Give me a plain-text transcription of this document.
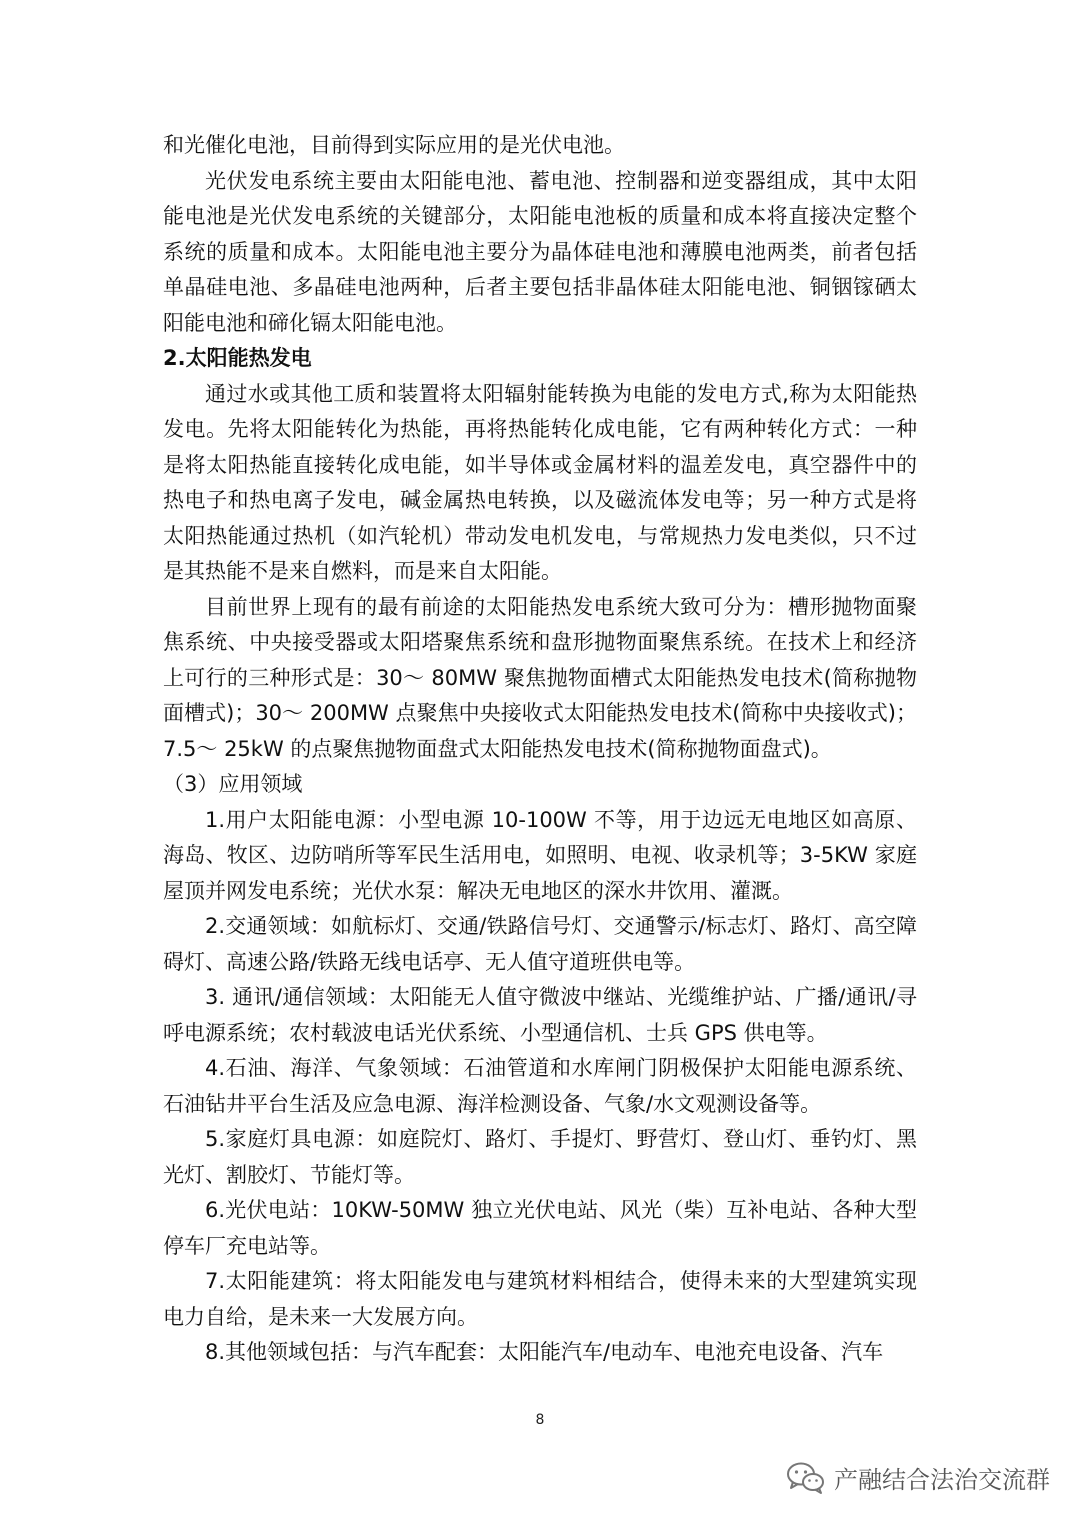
和光催化电池，目前得到实际应用的是光伏电池。

光伏发电系统主要由太阳能电池、蓄电池、控制器和逆变器组成，其中太阳能电池是光伏发电系统的关键部分，太阳能电池板的质量和成本将直接决定整个系统的质量和成本。太阳能电池主要分为晶体硅电池和薄膜电池两类，前者包括单晶硅电池、多晶硅电池两种，后者主要包括非晶体硅太阳能电池、铜铟镓硒太阳能电池和碲化镉太阳能电池。

2.太阳能热发电

通过水或其他工质和装置将太阳辐射能转换为电能的发电方式,称为太阳能热发电。先将太阳能转化为热能，再将热能转化成电能，它有两种转化方式：一种是将太阳热能直接转化成电能，如半导体或金属材料的温差发电，真空器件中的热电子和热电离子发电，碱金属热电转换，以及磁流体发电等；另一种方式是将太阳热能通过热机（如汽轮机）带动发电机发电，与常规热力发电类似，只不过是其热能不是来自燃料，而是来自太阳能。

目前世界上现有的最有前途的太阳能热发电系统大致可分为：槽形抛物面聚焦系统、中央接受器或太阳塔聚焦系统和盘形抛物面聚焦系统。在技术上和经济上可行的三种形式是：30～ 80MW 聚焦抛物面槽式太阳能热发电技术(简称抛物面槽式)；30～ 200MW 点聚焦中央接收式太阳能热发电技术(简称中央接收式)；7.5～ 25kW 的点聚焦抛物面盘式太阳能热发电技术(简称抛物面盘式)。

（3）应用领域

1.用户太阳能电源：小型电源 10-100W 不等，用于边远无电地区如高原、海岛、牧区、边防哨所等军民生活用电，如照明、电视、收录机等；3-5KW 家庭屋顶并网发电系统；光伏水泵：解决无电地区的深水井饮用、灌溉。

2.交通领域：如航标灯、交通/铁路信号灯、交通警示/标志灯、路灯、高空障碍灯、高速公路/铁路无线电话亭、无人值守道班供电等。

3. 通讯/通信领域：太阳能无人值守微波中继站、光缆维护站、广播/通讯/寻呼电源系统；农村载波电话光伏系统、小型通信机、士兵 GPS 供电等。

4.石油、海洋、气象领域：石油管道和水库闸门阴极保护太阳能电源系统、石油钻井平台生活及应急电源、海洋检测设备、气象/水文观测设备等。

5.家庭灯具电源：如庭院灯、路灯、手提灯、野营灯、登山灯、垂钓灯、黑光灯、割胶灯、节能灯等。

6.光伏电站：10KW-50MW 独立光伏电站、风光（柴）互补电站、各种大型停车厂充电站等。

7.太阳能建筑：将太阳能发电与建筑材料相结合，使得未来的大型建筑实现电力自给，是未来一大发展方向。

8.其他领域包括：与汽车配套：太阳能汽车/电动车、电池充电设备、汽车

8
产融结合法治交流群
